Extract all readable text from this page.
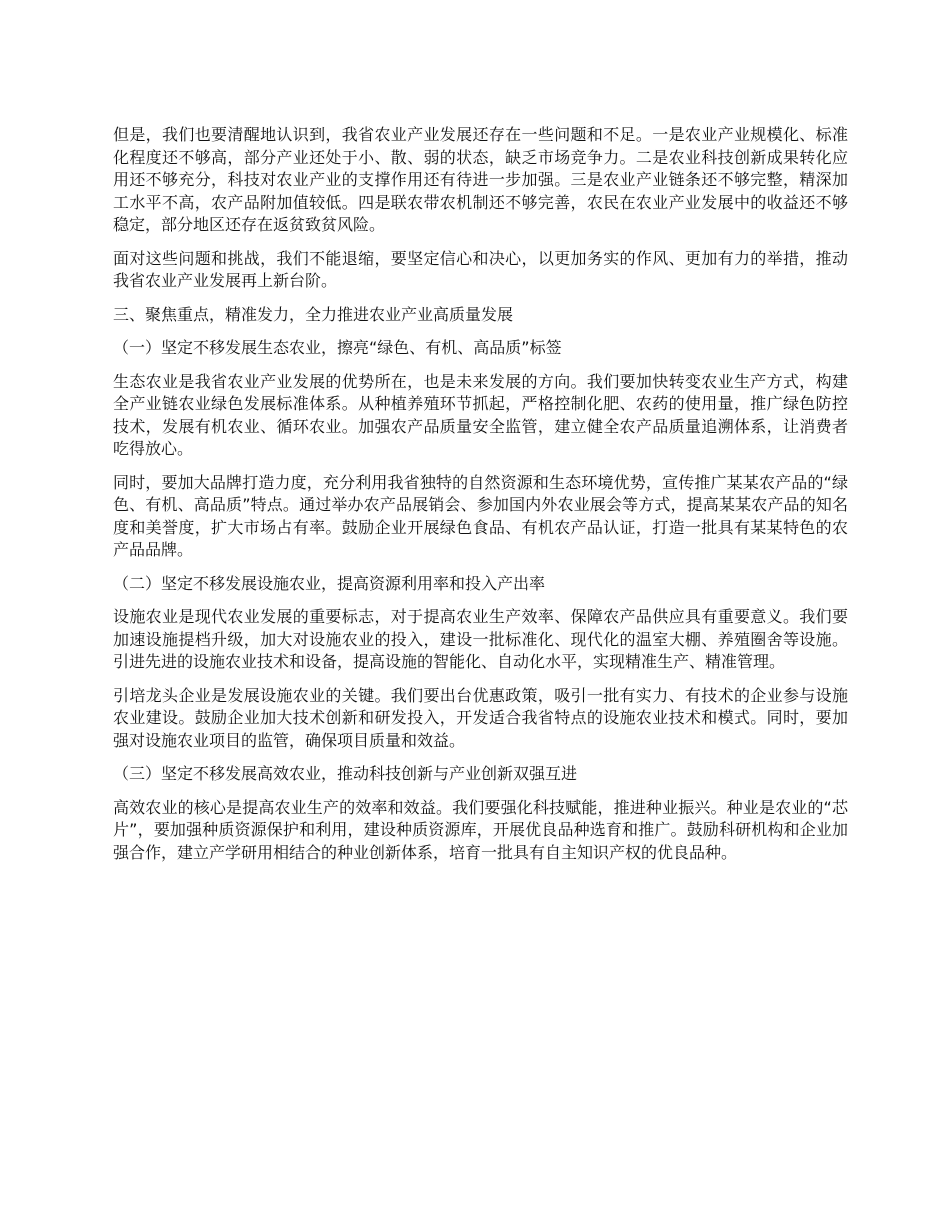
但是，我们也要清醒地认识到，我省农业产业发展还存在一些问题和不足。一是农业产业规模化、标准化程度还不够高，部分产业还处于小、散、弱的状态，缺乏市场竞争力。二是农业科技创新成果转化应用还不够充分，科技对农业产业的支撑作用还有待进一步加强。三是农业产业链条还不够完整，精深加工水平不高，农产品附加值较低。四是联农带农机制还不够完善，农民在农业产业发展中的收益还不够稳定，部分地区还存在返贫致贫风险。

面对这些问题和挑战，我们不能退缩，要坚定信心和决心，以更加务实的作风、更加有力的举措，推动我省农业产业发展再上新台阶。

三、聚焦重点，精准发力，全力推进农业产业高质量发展

（一）坚定不移发展生态农业，擦亮“绿色、有机、高品质”标签

生态农业是我省农业产业发展的优势所在，也是未来发展的方向。我们要加快转变农业生产方式，构建全产业链农业绿色发展标准体系。从种植养殖环节抓起，严格控制化肥、农药的使用量，推广绿色防控技术，发展有机农业、循环农业。加强农产品质量安全监管，建立健全农产品质量追溯体系，让消费者吃得放心。

同时，要加大品牌打造力度，充分利用我省独特的自然资源和生态环境优势，宣传推广某某农产品的“绿色、有机、高品质”特点。通过举办农产品展销会、参加国内外农业展会等方式，提高某某农产品的知名度和美誉度，扩大市场占有率。鼓励企业开展绿色食品、有机农产品认证，打造一批具有某某特色的农产品品牌。

（二）坚定不移发展设施农业，提高资源利用率和投入产出率

设施农业是现代农业发展的重要标志，对于提高农业生产效率、保障农产品供应具有重要意义。我们要加速设施提档升级，加大对设施农业的投入，建设一批标准化、现代化的温室大棚、养殖圈舍等设施。引进先进的设施农业技术和设备，提高设施的智能化、自动化水平，实现精准生产、精准管理。

引培龙头企业是发展设施农业的关键。我们要出台优惠政策，吸引一批有实力、有技术的企业参与设施农业建设。鼓励企业加大技术创新和研发投入，开发适合我省特点的设施农业技术和模式。同时，要加强对设施农业项目的监管，确保项目质量和效益。

（三）坚定不移发展高效农业，推动科技创新与产业创新双强互进

高效农业的核心是提高农业生产的效率和效益。我们要强化科技赋能，推进种业振兴。种业是农业的“芯片”，要加强种质资源保护和利用，建设种质资源库，开展优良品种选育和推广。鼓励科研机构和企业加强合作，建立产学研用相结合的种业创新体系，培育一批具有自主知识产权的优良品种。
